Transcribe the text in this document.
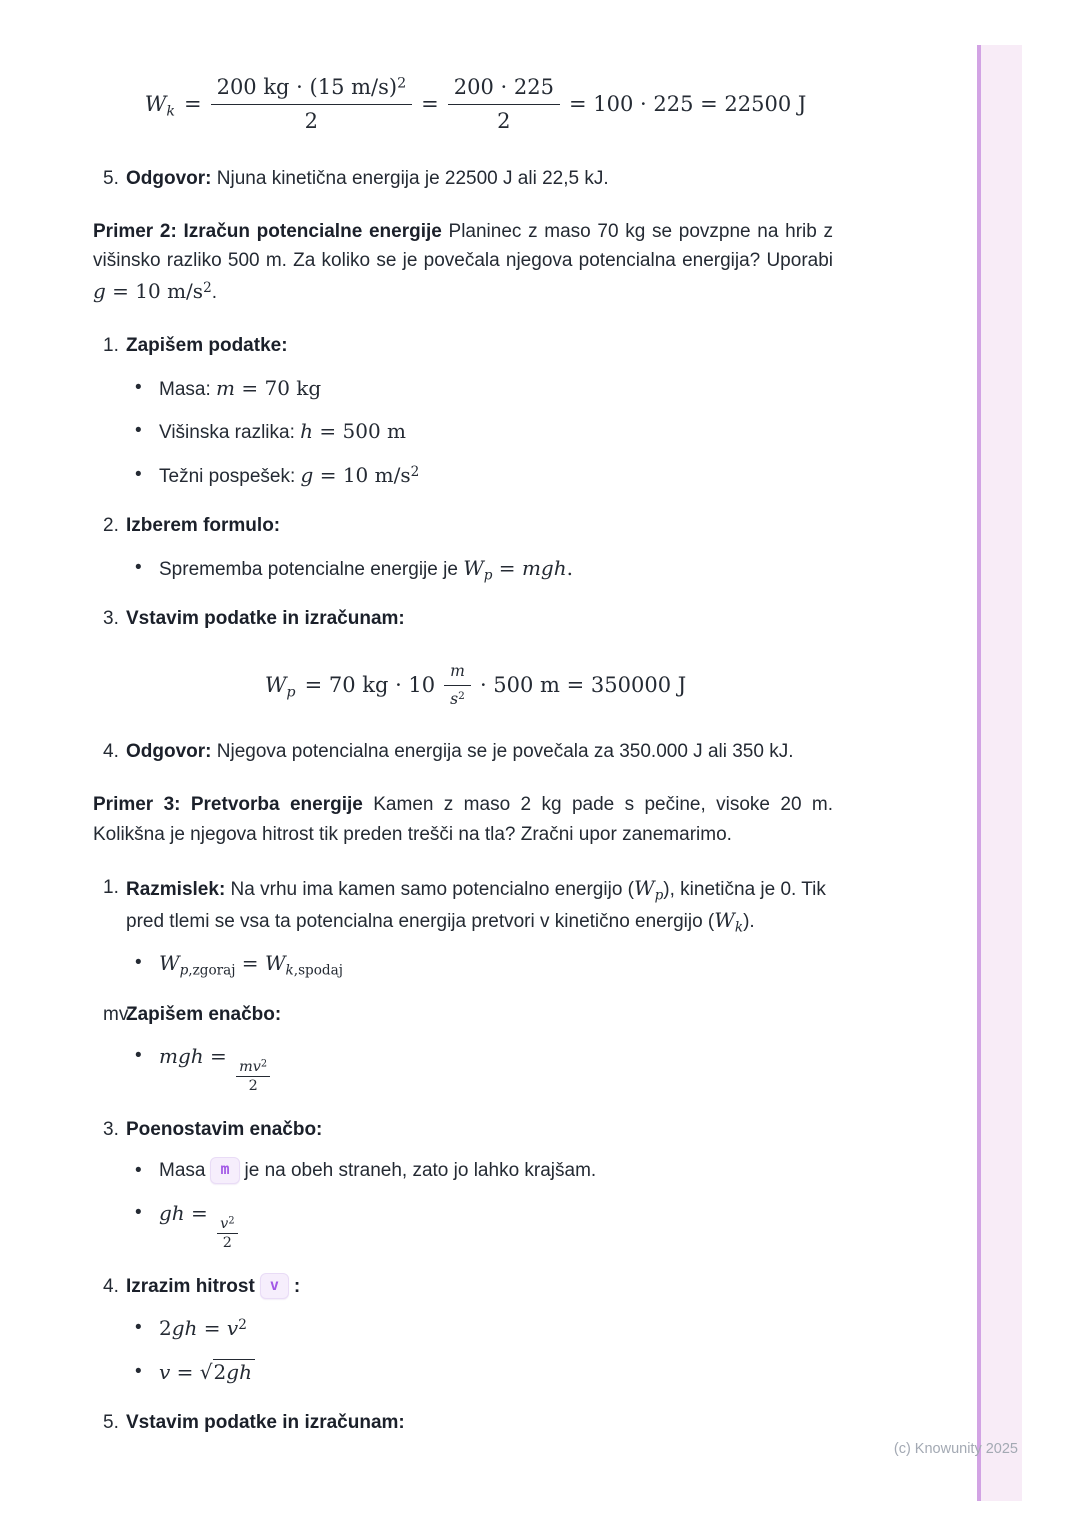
$W_k = \frac{200 kg \cdot (15 m/s)^2}{2} = \frac{200 \cdot 225}{2} = 100 \cdot 225 = 22500$ J
5. Odgovor: Njuna kinetična energija je 22500 J ali 22,5 kJ.

Primer 2: Izračun potencialne energije Planinec z maso 70 kg se povzpne na hrib z višinsko razliko 500 m. Za koliko se je povečala njegova potencialna energija? Uporabi g = 10 $m/s^2$.

1. Zapišem podatke:
• Masa: m = 70 kg
• Višinska razlika: h = 500 m
• Težni pospešek: g = 10 $m/s^2$
2. Izberem formulo:
• Sprememba potencialne energije je $W_p$ = mgh.
3. Vstavim podatke in izračunam:
$W_p = 70$ kg · $10 \frac{m}{s^2} \cdot 500$ m = 350000 J
4. Odgovor: Njegova potencialna energija se je povečala za 350.000 J ali 350 kJ.

Primer 3: Pretvorba energije Kamen z maso 2 kg pade s pečine, visoke 20 m. Kolikšna je njegova hitrost tik preden trešči na tla? Zračni upor zanemarimo.

1. Razmislek: Na vrhu ima kamen samo potencialno energijo $(W_p)$, kinetična je 0. Tik pred tlemi se vsa ta potencialna energija pretvori v kinetično energijo $(W_k)$.
• $W_{p,zgoraj} = W_{k,spodaj}$
mv
Zapišem enačbo:
• mgh =
$\frac{mv^2}{2}$
3. Poenostavim enačbo:
• Masa m je na obeh straneh, zato jo lahko krajšam.
• gh =
$\frac{v^2}{2}$
4. Izrazim hitrost v :
• $2gh = v^2$
• v = √2gh
5. Vstavim podatke in izračunam:
(c) Knowunity 2025
